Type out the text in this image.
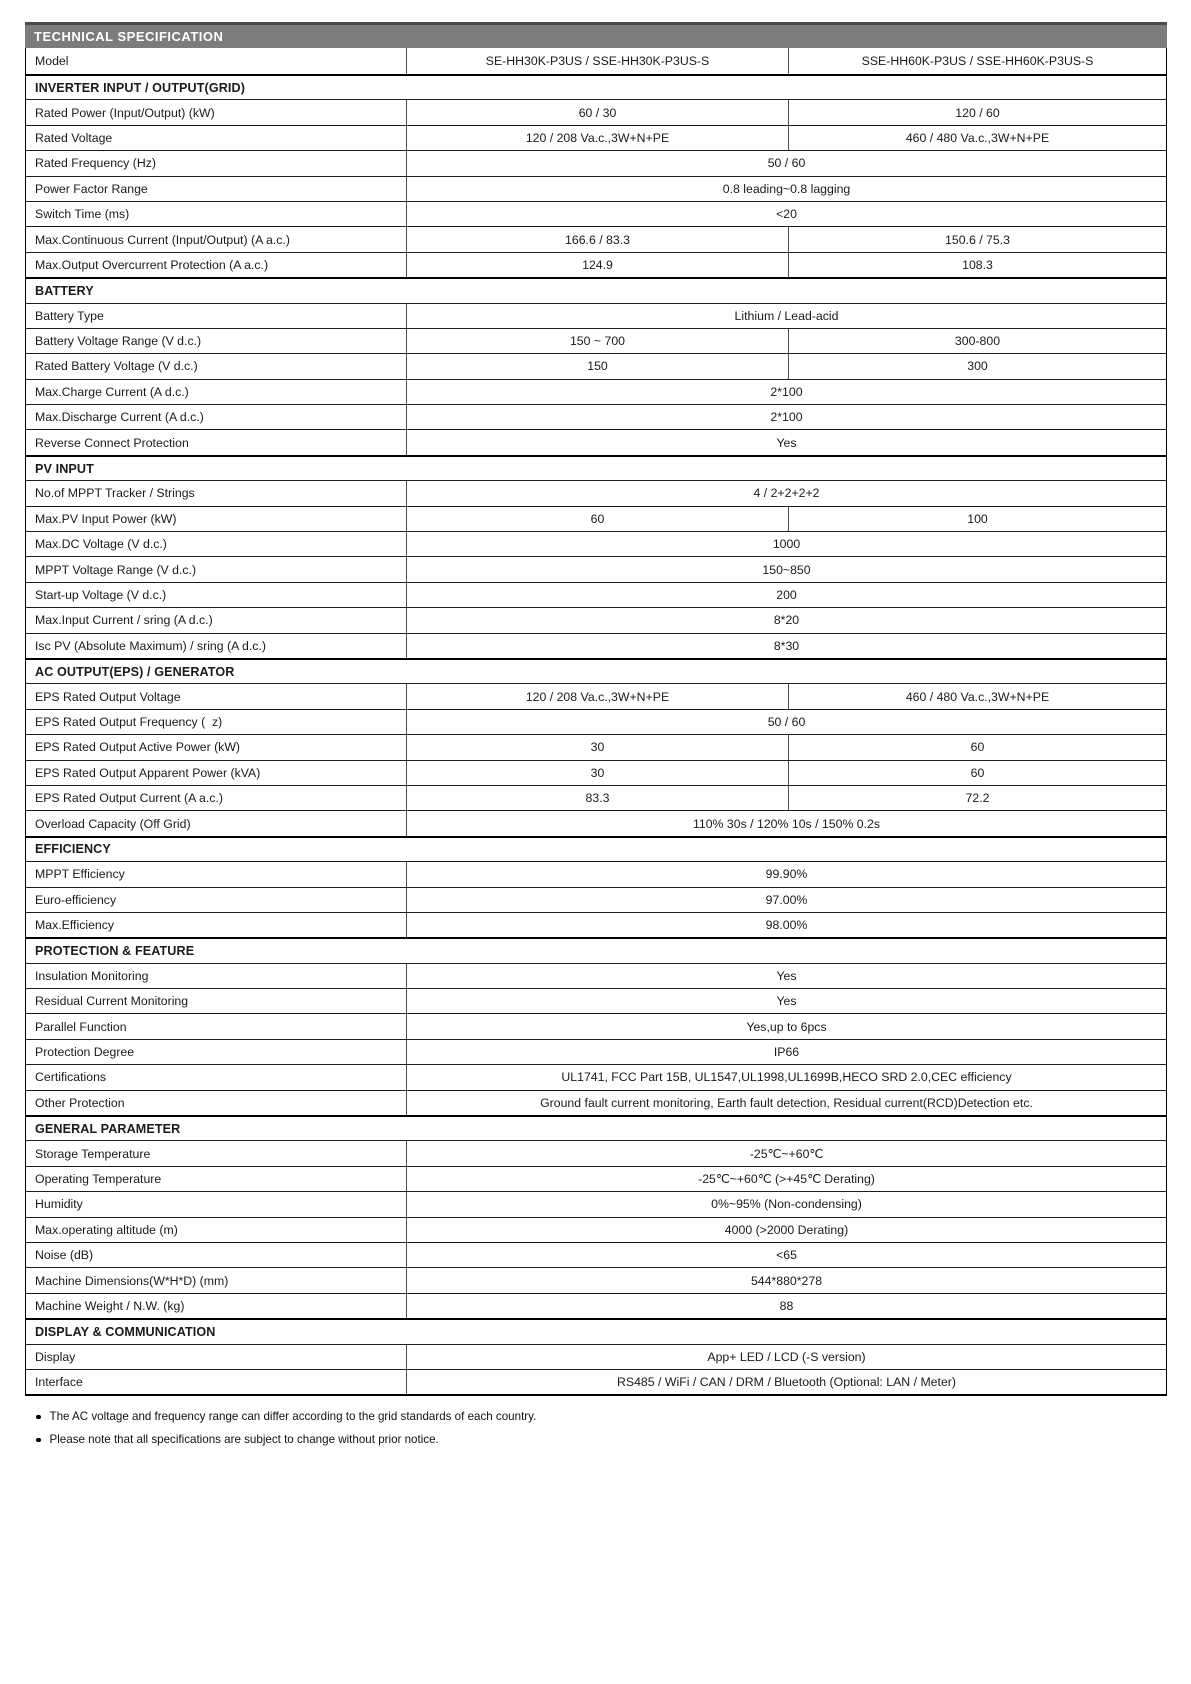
TECHNICAL SPECIFICATION
Model	SE-HH30K-P3US / SSE-HH30K-P3US-S	SSE-HH60K-P3US / SSE-HH60K-P3US-S
INVERTER INPUT / OUTPUT(GRID)
Rated Power (Input/Output) (kW)	60 / 30	120 / 60
Rated Voltage	120 / 208 Va.c.,3W+N+PE	460 / 480 Va.c.,3W+N+PE
Rated Frequency (Hz)	50 / 60
Power Factor Range	0.8 leading~0.8 lagging
Switch Time (ms)	<20
Max.Continuous Current (Input/Output) (A a.c.)	166.6 / 83.3	150.6 / 75.3
Max.Output Overcurrent Protection (A a.c.)	124.9	108.3
BATTERY
Battery Type	Lithium / Lead-acid
Battery Voltage Range (V d.c.)	150 ~ 700	300-800
Rated Battery Voltage (V d.c.)	150	300
Max.Charge Current (A d.c.)	2*100
Max.Discharge Current (A d.c.)	2*100
Reverse Connect Protection	Yes
PV INPUT
No.of MPPT Tracker / Strings	4 / 2+2+2+2
Max.PV Input Power (kW)	60	100
Max.DC Voltage (V d.c.)	1000
MPPT Voltage Range (V d.c.)	150~850
Start-up Voltage (V d.c.)	200
Max.Input Current / sring (A d.c.)	8*20
Isc PV (Absolute Maximum) / sring (A d.c.)	8*30
AC OUTPUT(EPS) / GENERATOR
EPS Rated Output Voltage	120 / 208 Va.c.,3W+N+PE	460 / 480 Va.c.,3W+N+PE
EPS Rated Output Frequency (  z)	50 / 60
EPS Rated Output Active Power (kW)	30	60
EPS Rated Output Apparent Power (kVA)	30	60
EPS Rated Output Current (A a.c.)	83.3	72.2
Overload Capacity (Off Grid)	110% 30s / 120% 10s / 150% 0.2s
EFFICIENCY
MPPT Efficiency	99.90%
Euro-efficiency	97.00%
Max.Efficiency	98.00%
PROTECTION & FEATURE
Insulation Monitoring	Yes
Residual Current Monitoring	Yes
Parallel Function	Yes,up to 6pcs
Protection Degree	IP66
Certifications	UL1741, FCC Part 15B, UL1547,UL1998,UL1699B,HECO SRD 2.0,CEC efficiency
Other Protection	Ground fault current monitoring, Earth fault detection, Residual current(RCD)Detection etc.
GENERAL PARAMETER
Storage Temperature	-25℃~+60℃
Operating Temperature	-25℃~+60℃ (>+45℃ Derating)
Humidity	0%~95% (Non-condensing)
Max.operating altitude (m)	4000 (>2000 Derating)
Noise (dB)	<65
Machine Dimensions(W*H*D) (mm)	544*880*278
Machine Weight / N.W. (kg)	88
DISPLAY & COMMUNICATION
Display	App+ LED / LCD (-S version)
Interface	RS485 / WiFi / CAN / DRM / Bluetooth (Optional: LAN / Meter)
The AC voltage and frequency range can differ according to the grid standards of each country.
Please note that all specifications are subject to change without prior notice.
